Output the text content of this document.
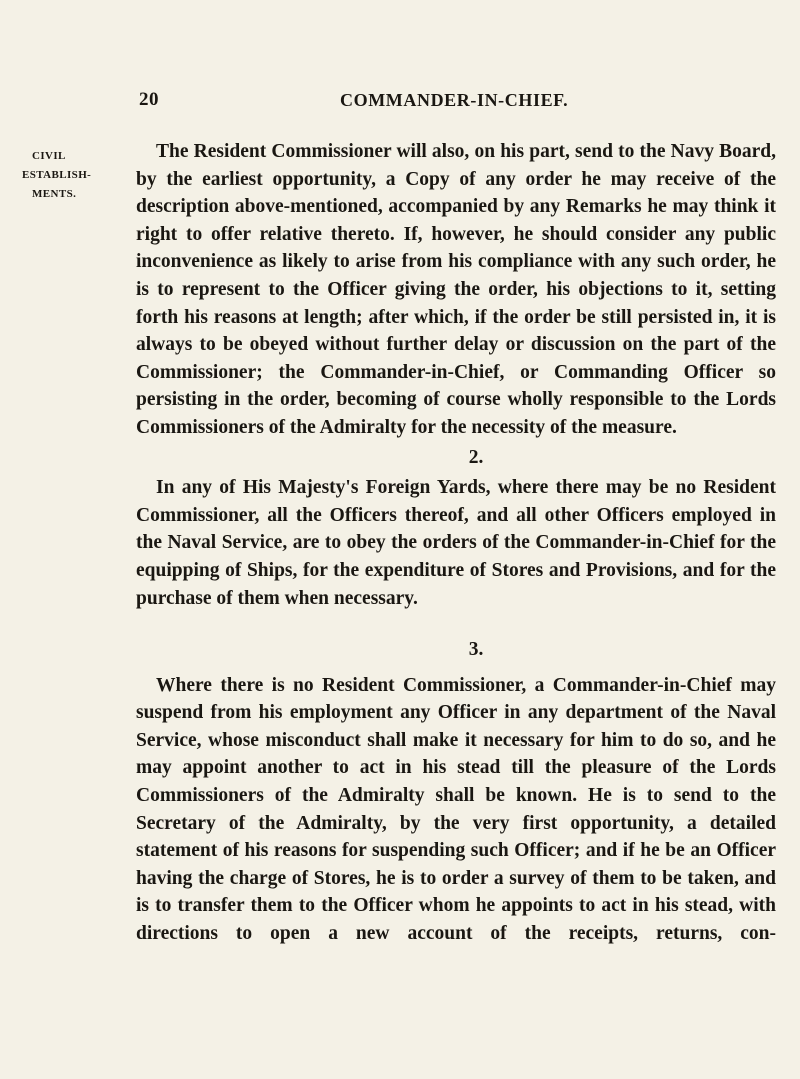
20	COMMANDER-IN-CHIEF.
CIVIL
ESTABLISH-
MENTS.

The Resident Commissioner will also, on his part, send to the Navy Board, by the earliest opportunity, a Copy of any order he may receive of the description above-mentioned, accompanied by any Remarks he may think it right to offer relative thereto. If, however, he should consider any public inconvenience as likely to arise from his compliance with any such order, he is to represent to the Officer giving the order, his objections to it, setting forth his reasons at length; after which, if the order be still persisted in, it is always to be obeyed without further delay or discussion on the part of the Commissioner; the Commander-in-Chief, or Commanding Officer so persisting in the order, becoming of course wholly responsible to the Lords Commissioners of the Admiralty for the necessity of the measure.

2.

In any of His Majesty's Foreign Yards, where there may be no Resident Commissioner, all the Officers thereof, and all other Officers employed in the Naval Service, are to obey the orders of the Commander-in-Chief for the equipping of Ships, for the expenditure of Stores and Provisions, and for the purchase of them when necessary.

3.

Where there is no Resident Commissioner, a Commander-in-Chief may suspend from his employment any Officer in any department of the Naval Service, whose misconduct shall make it necessary for him to do so, and he may appoint another to act in his stead till the pleasure of the Lords Commissioners of the Admiralty shall be known. He is to send to the Secretary of the Admiralty, by the very first opportunity, a detailed statement of his reasons for suspending such Officer; and if he be an Officer having the charge of Stores, he is to order a survey of them to be taken, and is to transfer them to the Officer whom he appoints to act in his stead, with directions to open a new account of the receipts, returns, con-
